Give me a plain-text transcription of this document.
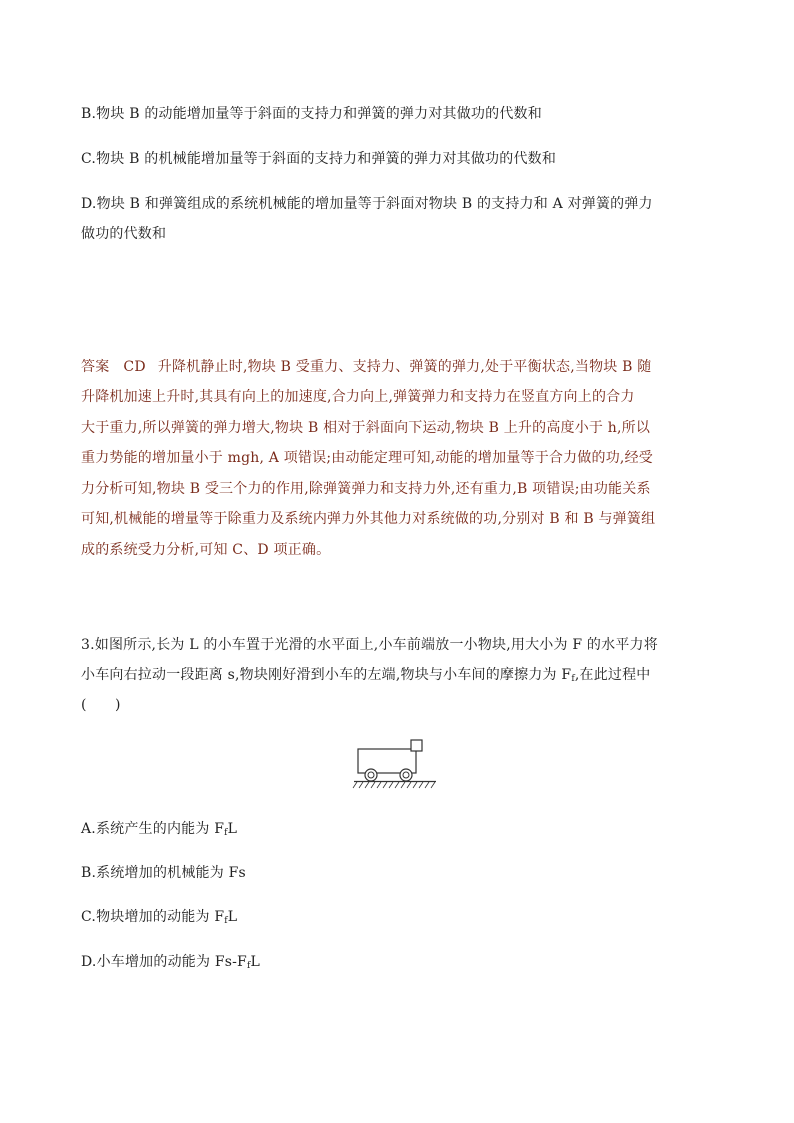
B.物块 B 的动能增加量等于斜面的支持力和弹簧的弹力对其做功的代数和
C.物块 B 的机械能增加量等于斜面的支持力和弹簧的弹力对其做功的代数和
D.物块 B 和弹簧组成的系统机械能的增加量等于斜面对物块 B 的支持力和 A 对弹簧的弹力
做功的代数和
答案 CD 升降机静止时,物块 B 受重力、支持力、弹簧的弹力,处于平衡状态,当物块 B 随
升降机加速上升时,其具有向上的加速度,合力向上,弹簧弹力和支持力在竖直方向上的合力
大于重力,所以弹簧的弹力增大,物块 B 相对于斜面向下运动,物块 B 上升的高度小于 h,所以
重力势能的增加量小于 mgh, A 项错误;由动能定理可知,动能的增加量等于合力做的功,经受
力分析可知,物块 B 受三个力的作用,除弹簧弹力和支持力外,还有重力,B 项错误;由功能关系
可知,机械能的增量等于除重力及系统内弹力外其他力对系统做的功,分别对 B 和 B 与弹簧组
成的系统受力分析,可知 C、D 项正确。
3.如图所示,长为 L 的小车置于光滑的水平面上,小车前端放一小物块,用大小为 F 的水平力将
小车向右拉动一段距离 s,物块刚好滑到小车的左端,物块与小车间的摩擦力为 $F_f$,在此过程中
(　　)
A.系统产生的内能为 $F_fL$
B.系统增加的机械能为 Fs
C.物块增加的动能为 $F_fL$
D.小车增加的动能为 $Fs-F_fL$
